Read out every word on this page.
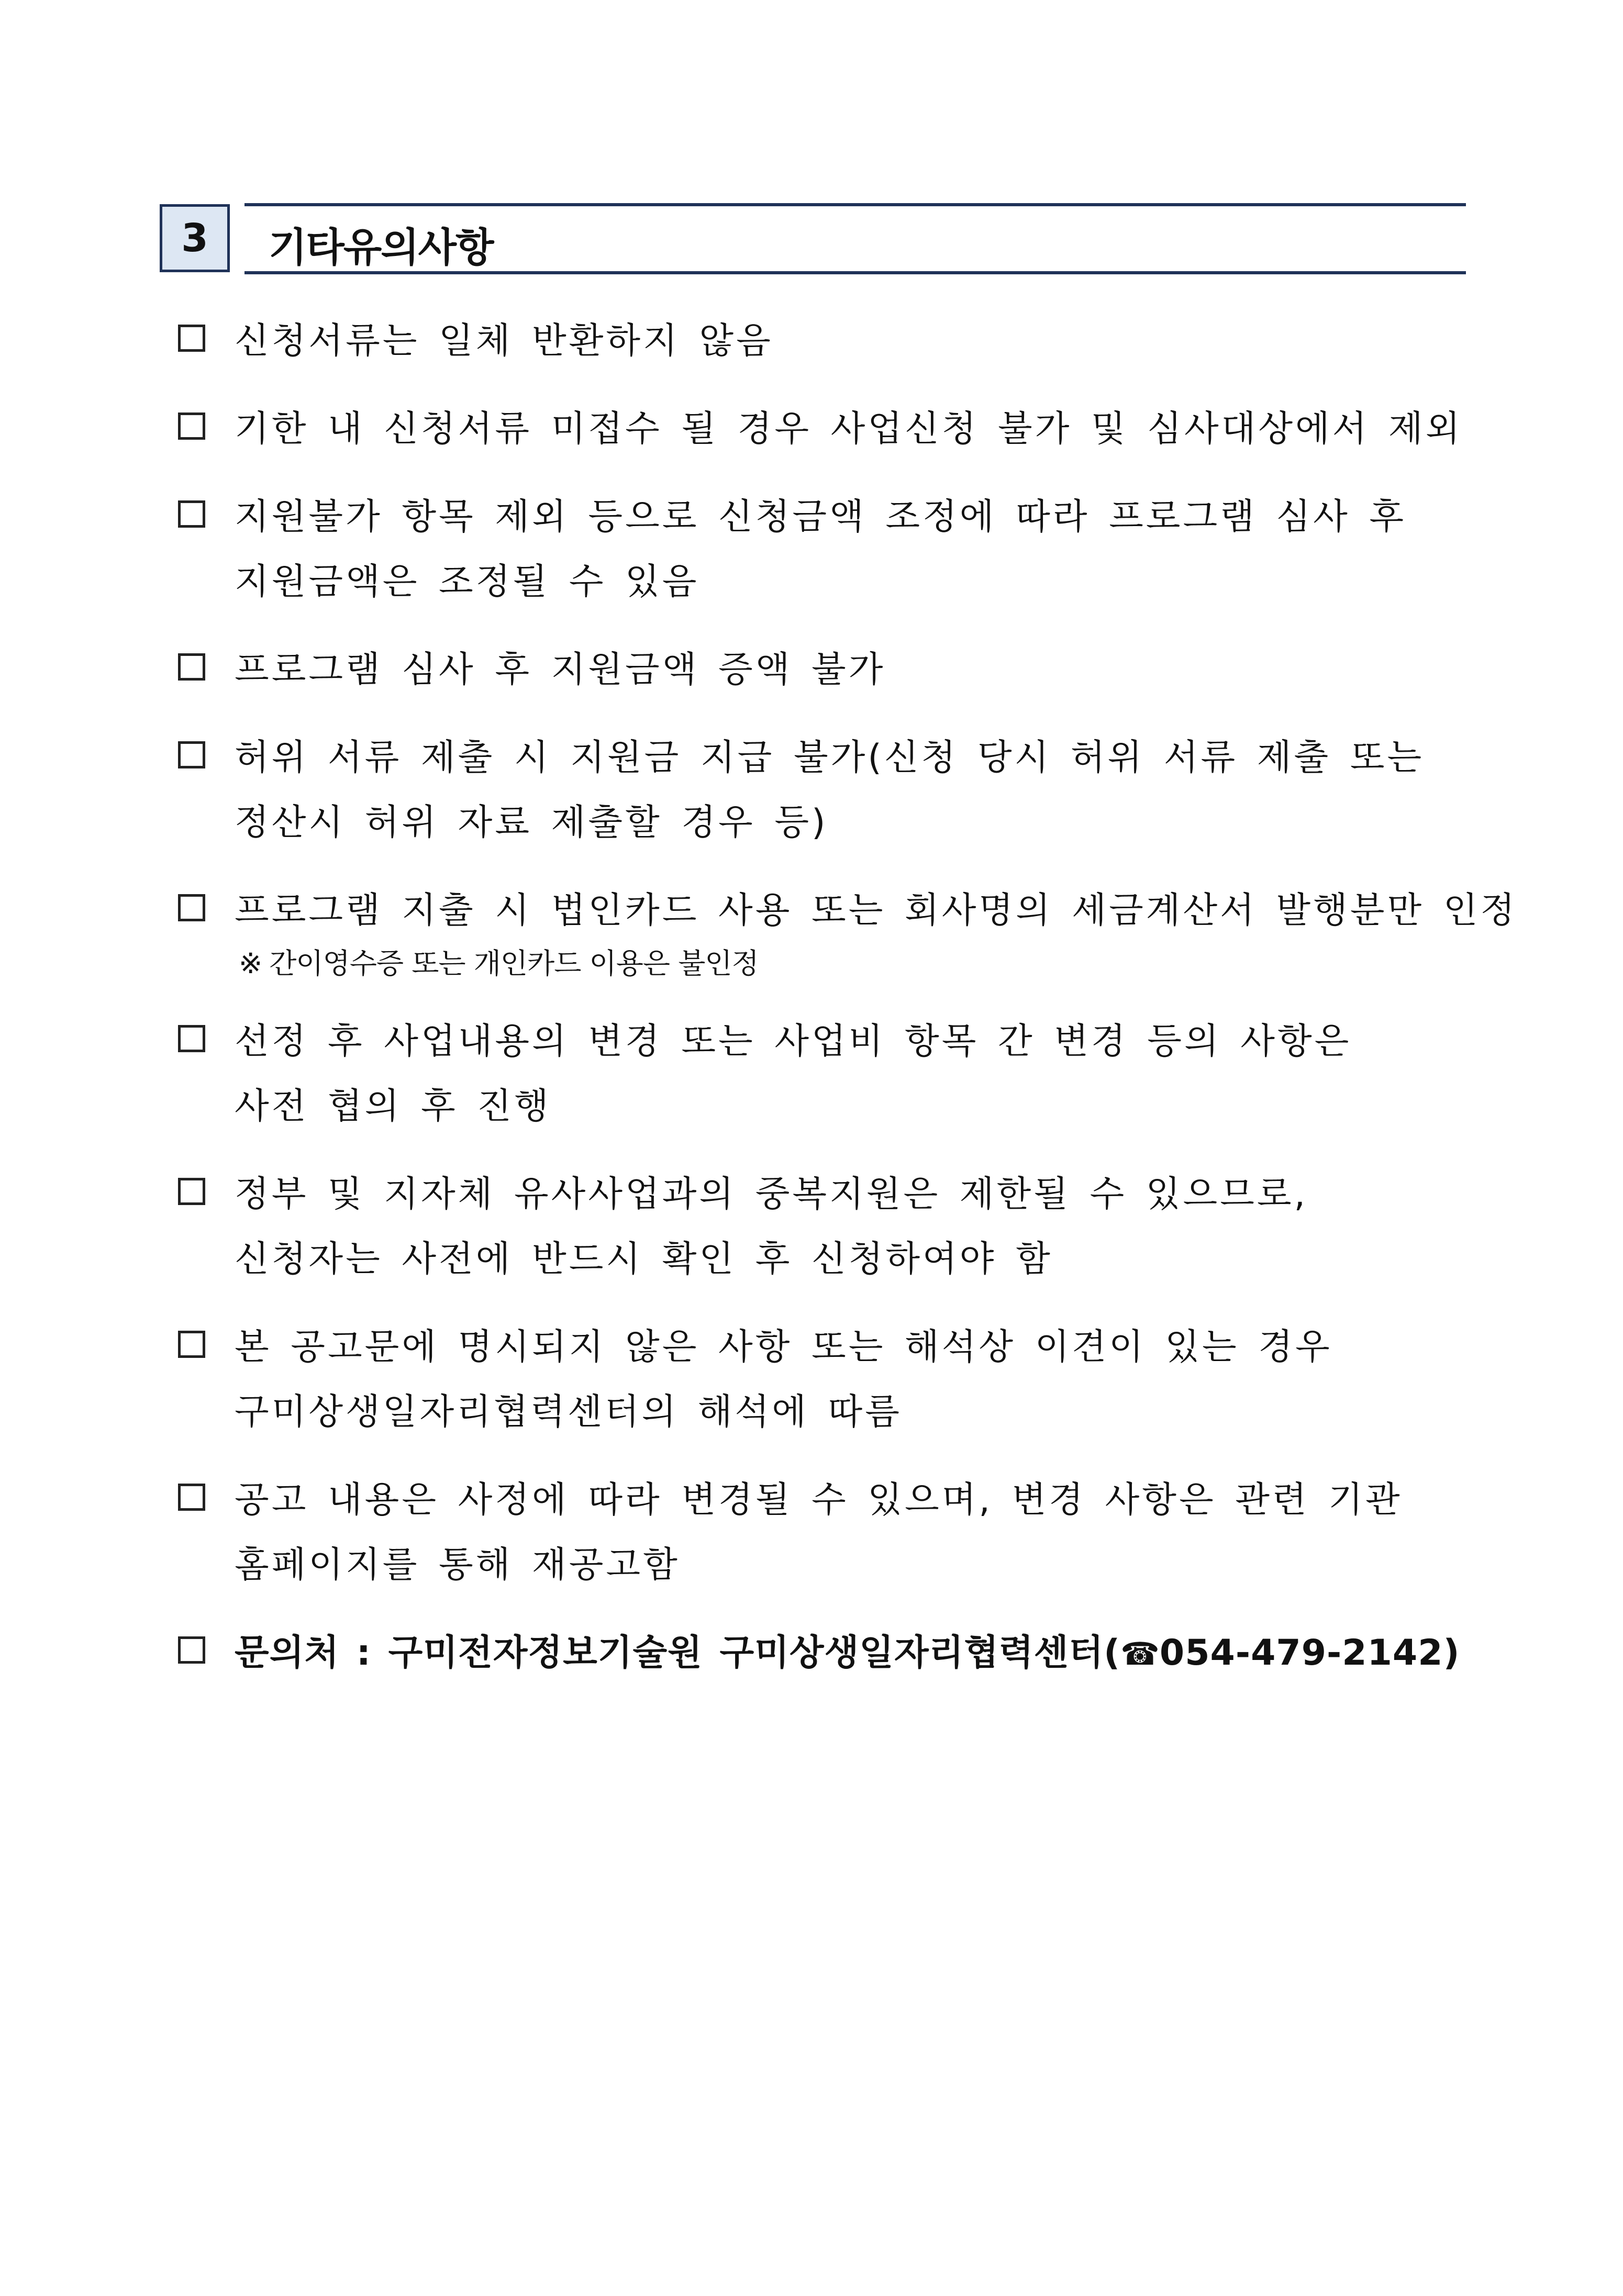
3	기타유의사항
신청서류는 일체 반환하지 않음
기한 내 신청서류 미접수 될 경우 사업신청 불가 및 심사대상에서 제외
지원불가 항목 제외 등으로 신청금액 조정에 따라 프로그램 심사 후
지원금액은 조정될 수 있음
프로그램 심사 후 지원금액 증액 불가
허위 서류 제출 시 지원금 지급 불가(신청 당시 허위 서류 제출 또는
정산시 허위 자료 제출할 경우 등)
프로그램 지출 시 법인카드 사용 또는 회사명의 세금계산서 발행분만 인정
※ 간이영수증 또는 개인카드 이용은 불인정
선정 후 사업내용의 변경 또는 사업비 항목 간 변경 등의 사항은
사전 협의 후 진행
정부 및 지자체 유사사업과의 중복지원은 제한될 수 있으므로,
신청자는 사전에 반드시 확인 후 신청하여야 함
본 공고문에 명시되지 않은 사항 또는 해석상 이견이 있는 경우
구미상생일자리협력센터의 해석에 따름
공고 내용은 사정에 따라 변경될 수 있으며, 변경 사항은 관련 기관
홈페이지를 통해 재공고함
문의처 : 구미전자정보기술원 구미상생일자리협력센터(☎054-479-2142)
